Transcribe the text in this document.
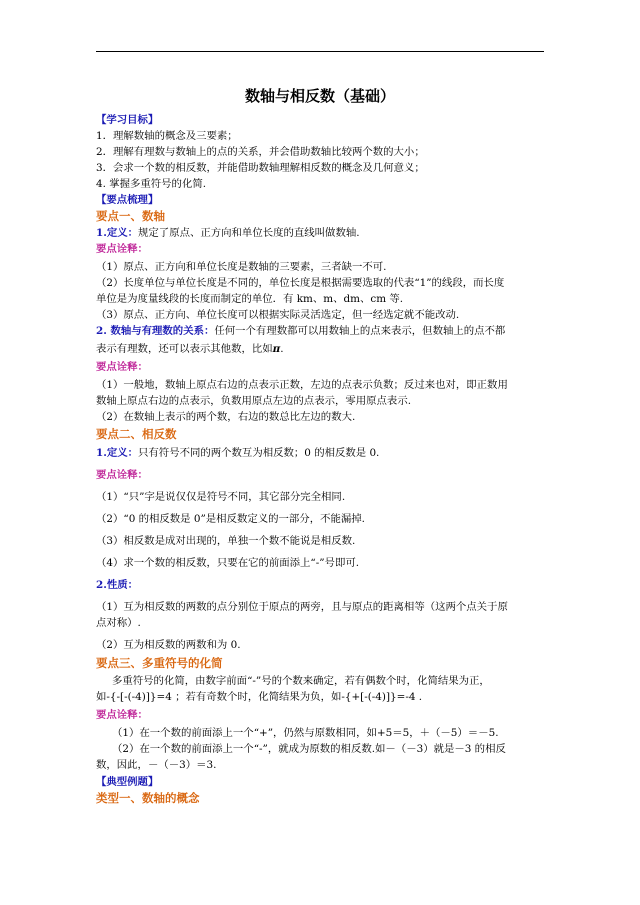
数轴与相反数（基础）
【学习目标】
1．理解数轴的概念及三要素；
2．理解有理数与数轴上的点的关系，并会借助数轴比较两个数的大小；
3．会求一个数的相反数，并能借助数轴理解相反数的概念及几何意义；
4. 掌握多重符号的化简.
【要点梳理】
要点一、数轴
1.定义：规定了原点、正方向和单位长度的直线叫做数轴.
要点诠释：
（1）原点、正方向和单位长度是数轴的三要素，三者缺一不可.
（2）长度单位与单位长度是不同的，单位长度是根据需要选取的代表“1”的线段，而长度
单位是为度量线段的长度而制定的单位．有 km、m、dm、cm 等.
（3）原点、正方向、单位长度可以根据实际灵活选定，但一经选定就不能改动.
2. 数轴与有理数的关系：任何一个有理数都可以用数轴上的点来表示，但数轴上的点不都
表示有理数，还可以表示其他数，比如π.
要点诠释：
（1）一般地，数轴上原点右边的点表示正数，左边的点表示负数；反过来也对，即正数用
数轴上原点右边的点表示，负数用原点左边的点表示，零用原点表示.
（2）在数轴上表示的两个数，右边的数总比左边的数大.
要点二、相反数
1.定义：只有符号不同的两个数互为相反数；0 的相反数是 0.
要点诠释：
（1）“只”字是说仅仅是符号不同，其它部分完全相同.
（2）“0 的相反数是 0”是相反数定义的一部分，不能漏掉.
（3）相反数是成对出现的，单独一个数不能说是相反数.
（4）求一个数的相反数，只要在它的前面添上“-”号即可.
2.性质：
（1）互为相反数的两数的点分别位于原点的两旁，且与原点的距离相等（这两个点关于原
点对称）.
（2）互为相反数的两数和为 0.
要点三、多重符号的化简
多重符号的化简，由数字前面“-”号的个数来确定，若有偶数个时，化简结果为正，
如-{-[-(-4)]}=4 ；若有奇数个时，化简结果为负，如-{+[-(-4)]}=-4 .
要点诠释：
（1）在一个数的前面添上一个“+”，仍然与原数相同，如+5＝5，＋（－5）＝－5.
（2）在一个数的前面添上一个“-”，就成为原数的相反数.如－（－3）就是－3 的相反
数，因此，－（－3）＝3.
【典型例题】
类型一、数轴的概念
